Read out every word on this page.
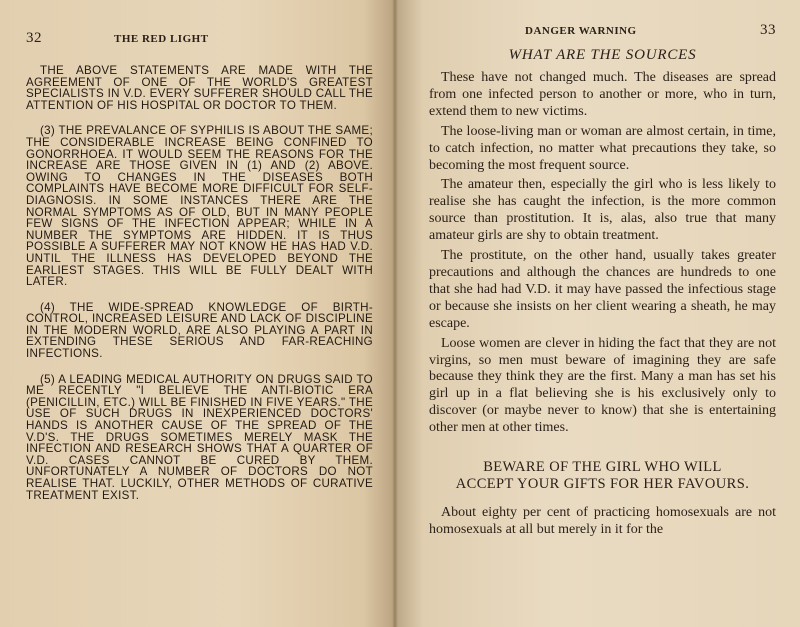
32	THE RED LIGHT

THE ABOVE STATEMENTS ARE MADE WITH THE AGREEMENT OF ONE OF THE WORLD'S GREATEST SPECIALISTS IN V.D. EVERY SUFFERER SHOULD CALL THE ATTENTION OF HIS HOSPITAL OR DOCTOR TO THEM.

(3) THE PREVALANCE OF SYPHILIS IS ABOUT THE SAME; THE CONSIDERABLE INCREASE BEING CONFINED TO GONORRHOEA. IT WOULD SEEM THE REASONS FOR THE INCREASE ARE THOSE GIVEN IN (1) AND (2) ABOVE. OWING TO CHANGES IN THE DISEASES BOTH COMPLAINTS HAVE BECOME MORE DIFFICULT FOR SELF-DIAGNOSIS. IN SOME INSTANCES THERE ARE THE NORMAL SYMPTOMS AS OF OLD, BUT IN MANY PEOPLE FEW SIGNS OF THE INFECTION APPEAR; WHILE IN A NUMBER THE SYMPTOMS ARE HIDDEN. IT IS THUS POSSIBLE A SUFFERER MAY NOT KNOW HE HAS HAD V.D. UNTIL THE ILLNESS HAS DEVELOPED BEYOND THE EARLIEST STAGES. THIS WILL BE FULLY DEALT WITH LATER.

(4) THE WIDE-SPREAD KNOWLEDGE OF BIRTH-CONTROL, INCREASED LEISURE AND LACK OF DISCIPLINE IN THE MODERN WORLD, ARE ALSO PLAYING A PART IN EXTENDING THESE SERIOUS AND FAR-REACHING INFECTIONS.

(5) A LEADING MEDICAL AUTHORITY ON DRUGS SAID TO ME RECENTLY "I BELIEVE THE ANTI-BIOTIC ERA (PENICILLIN, ETC.) WILL BE FINISHED IN FIVE YEARS." THE USE OF SUCH DRUGS IN INEXPERIENCED DOCTORS' HANDS IS ANOTHER CAUSE OF THE SPREAD OF THE V.D'S. THE DRUGS SOMETIMES MERELY MASK THE INFECTION AND RESEARCH SHOWS THAT A QUARTER OF V.D. CASES CANNOT BE CURED BY THEM. UNFORTUNATELY A NUMBER OF DOCTORS DO NOT REALISE THAT. LUCKILY, OTHER METHODS OF CURATIVE TREATMENT EXIST.

DANGER WARNING	33
WHAT ARE THE SOURCES

These have not changed much. The diseases are spread from one infected person to another or more, who in turn, extend them to new victims.

The loose-living man or woman are almost certain, in time, to catch infection, no matter what precautions they take, so becoming the most frequent source.

The amateur then, especially the girl who is less likely to realise she has caught the infection, is the more common source than prostitution. It is, alas, also true that many amateur girls are shy to obtain treatment.

The prostitute, on the other hand, usually takes greater precautions and although the chances are hundreds to one that she had had V.D. it may have passed the infectious stage or because she insists on her client wearing a sheath, he may escape.

Loose women are clever in hiding the fact that they are not virgins, so men must beware of imagining they are safe because they think they are the first. Many a man has set his girl up in a flat believing she is his exclusively only to discover (or maybe never to know) that she is entertaining other men at other times.

BEWARE OF THE GIRL WHO WILL
ACCEPT YOUR GIFTS FOR HER FAVOURS.

About eighty per cent of practicing homosexuals are not homosexuals at all but merely in it for the
